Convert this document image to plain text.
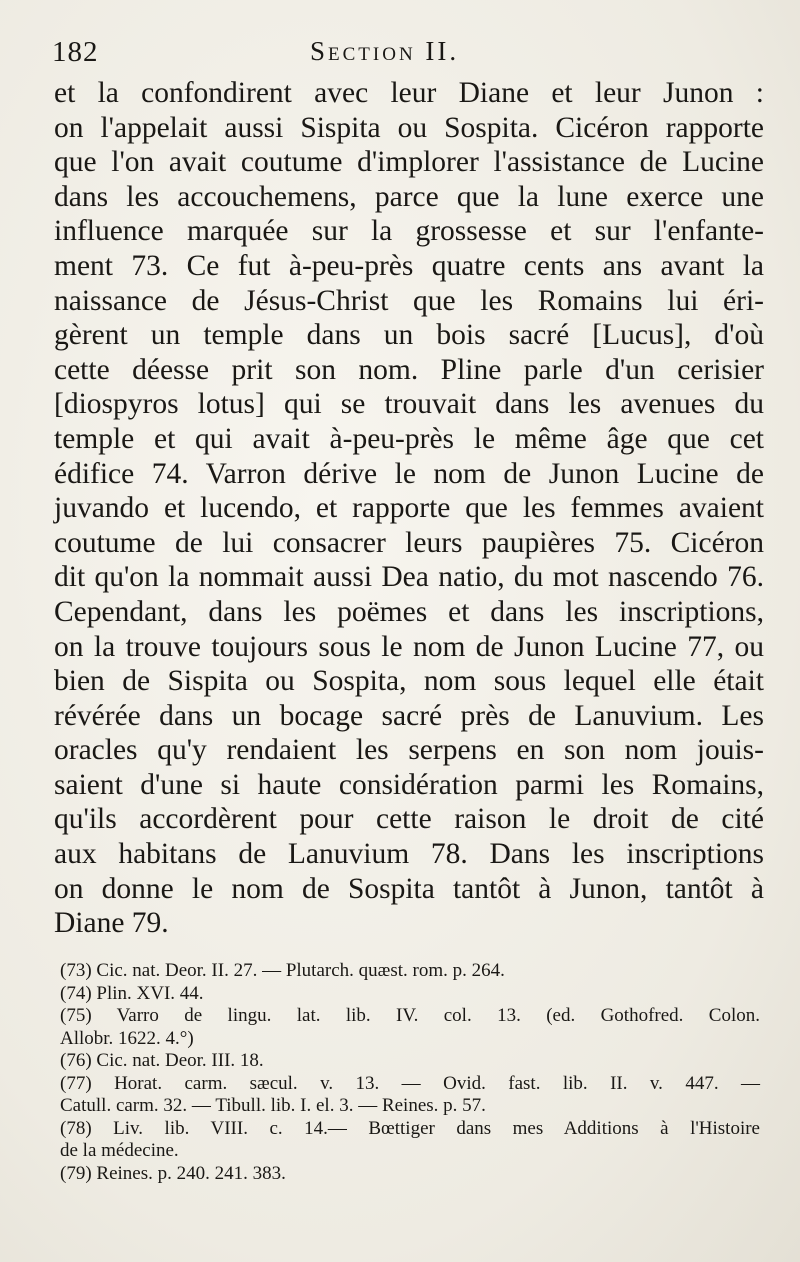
182	Section II.
et la confondirent avec leur Diane et leur Junon :
on l'appelait aussi Sispita ou Sospita. Cicéron rapporte
que l'on avait coutume d'implorer l'assistance de Lucine
dans les accouchemens, parce que la lune exerce une
influence marquée sur la grossesse et sur l'enfante-
ment 73. Ce fut à-peu-près quatre cents ans avant la
naissance de Jésus-Christ que les Romains lui éri-
gèrent un temple dans un bois sacré [Lucus], d'où
cette déesse prit son nom. Pline parle d'un cerisier
[diospyros lotus] qui se trouvait dans les avenues du
temple et qui avait à-peu-près le même âge que cet
édifice 74. Varron dérive le nom de Junon Lucine de
juvando et lucendo, et rapporte que les femmes avaient
coutume de lui consacrer leurs paupières 75. Cicéron
dit qu'on la nommait aussi Dea natio, du mot nascendo 76.
Cependant, dans les poëmes et dans les inscriptions,
on la trouve toujours sous le nom de Junon Lucine 77, ou
bien de Sispita ou Sospita, nom sous lequel elle était
révérée dans un bocage sacré près de Lanuvium. Les
oracles qu'y rendaient les serpens en son nom jouis-
saient d'une si haute considération parmi les Romains,
qu'ils accordèrent pour cette raison le droit de cité
aux habitans de Lanuvium 78. Dans les inscriptions
on donne le nom de Sospita tantôt à Junon, tantôt à
Diane 79.
(73) Cic. nat. Deor. II. 27. — Plutarch. quæst. rom. p. 264.
(74) Plin. XVI. 44.
(75) Varro de lingu. lat. lib. IV. col. 13. (ed. Gothofred. Colon.
Allobr. 1622. 4.°)
(76) Cic. nat. Deor. III. 18.
(77) Horat. carm. sæcul. v. 13. — Ovid. fast. lib. II. v. 447. —
Catull. carm. 32. — Tibull. lib. I. el. 3. — Reines. p. 57.
(78) Liv. lib. VIII. c. 14.— Bœttiger dans mes Additions à l'Histoire
de la médecine.
(79) Reines. p. 240. 241. 383.
